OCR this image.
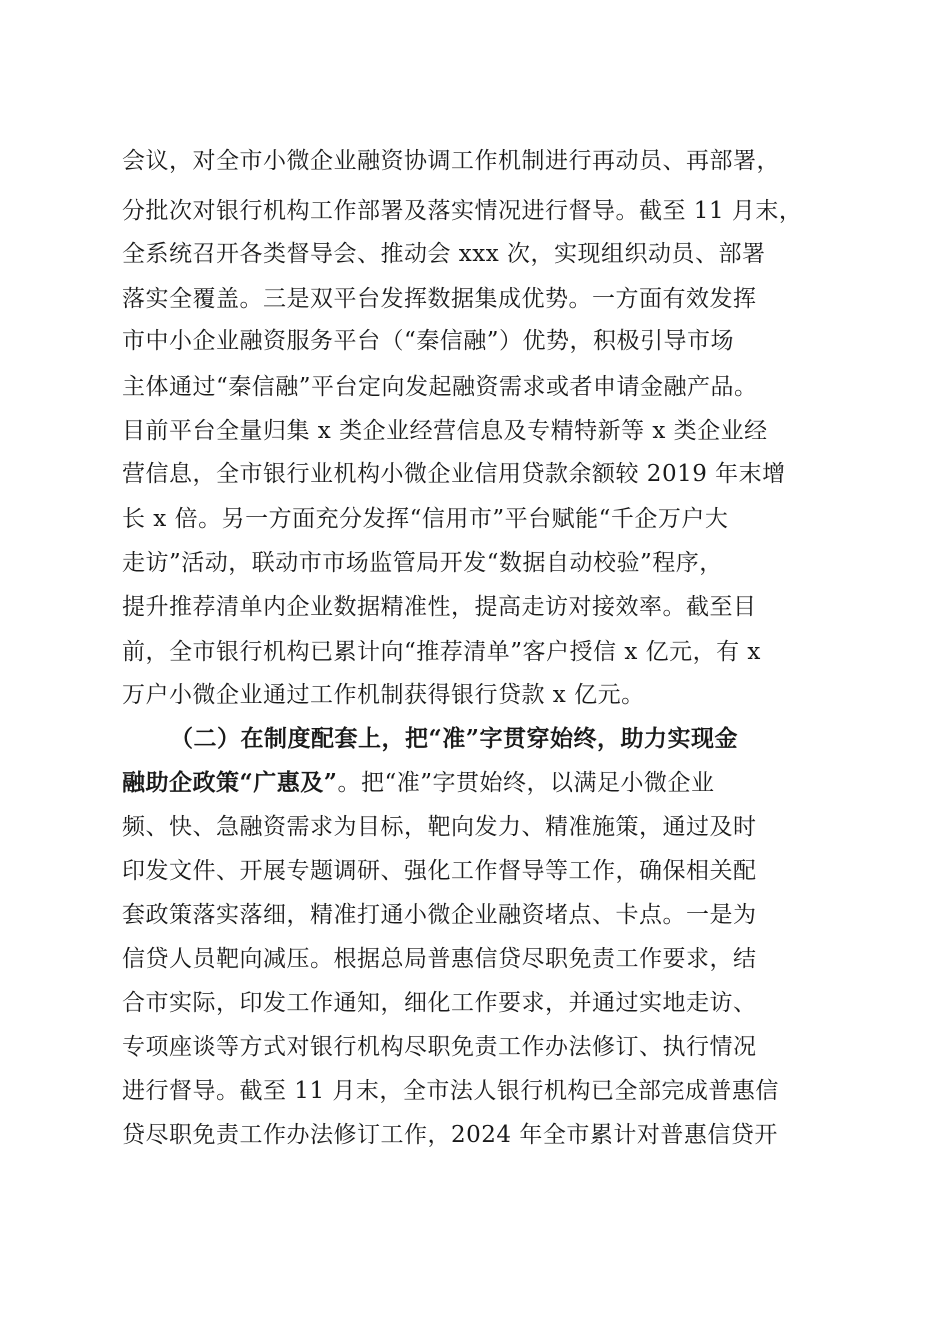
会议，对全市小微企业融资协调工作机制进行再动员、再部署，
分批次对银行机构工作部署及落实情况进行督导。截至 11 月末，
全系统召开各类督导会、推动会 xxx 次，实现组织动员、部署
落实全覆盖。三是双平台发挥数据集成优势。一方面有效发挥
市中小企业融资服务平台（“秦信融”）优势，积极引导市场
主体通过“秦信融”平台定向发起融资需求或者申请金融产品。
目前平台全量归集 x 类企业经营信息及专精特新等 x 类企业经
营信息，全市银行业机构小微企业信用贷款余额较 2019 年末增
长 x 倍。另一方面充分发挥“信用市”平台赋能“千企万户大
走访”活动，联动市市场监管局开发“数据自动校验”程序，
提升推荐清单内企业数据精准性，提高走访对接效率。截至目
前，全市银行机构已累计向“推荐清单”客户授信 x 亿元，有 x
万户小微企业通过工作机制获得银行贷款 x 亿元。
（二）在制度配套上，把“准”字贯穿始终，助力实现金
融助企政策“广惠及”。把“准”字贯始终，以满足小微企业
频、快、急融资需求为目标，靶向发力、精准施策，通过及时
印发文件、开展专题调研、强化工作督导等工作，确保相关配
套政策落实落细，精准打通小微企业融资堵点、卡点。一是为
信贷人员靶向减压。根据总局普惠信贷尽职免责工作要求，结
合市实际，印发工作通知，细化工作要求，并通过实地走访、
专项座谈等方式对银行机构尽职免责工作办法修订、执行情况
进行督导。截至 11 月末，全市法人银行机构已全部完成普惠信
贷尽职免责工作办法修订工作，2024 年全市累计对普惠信贷开
